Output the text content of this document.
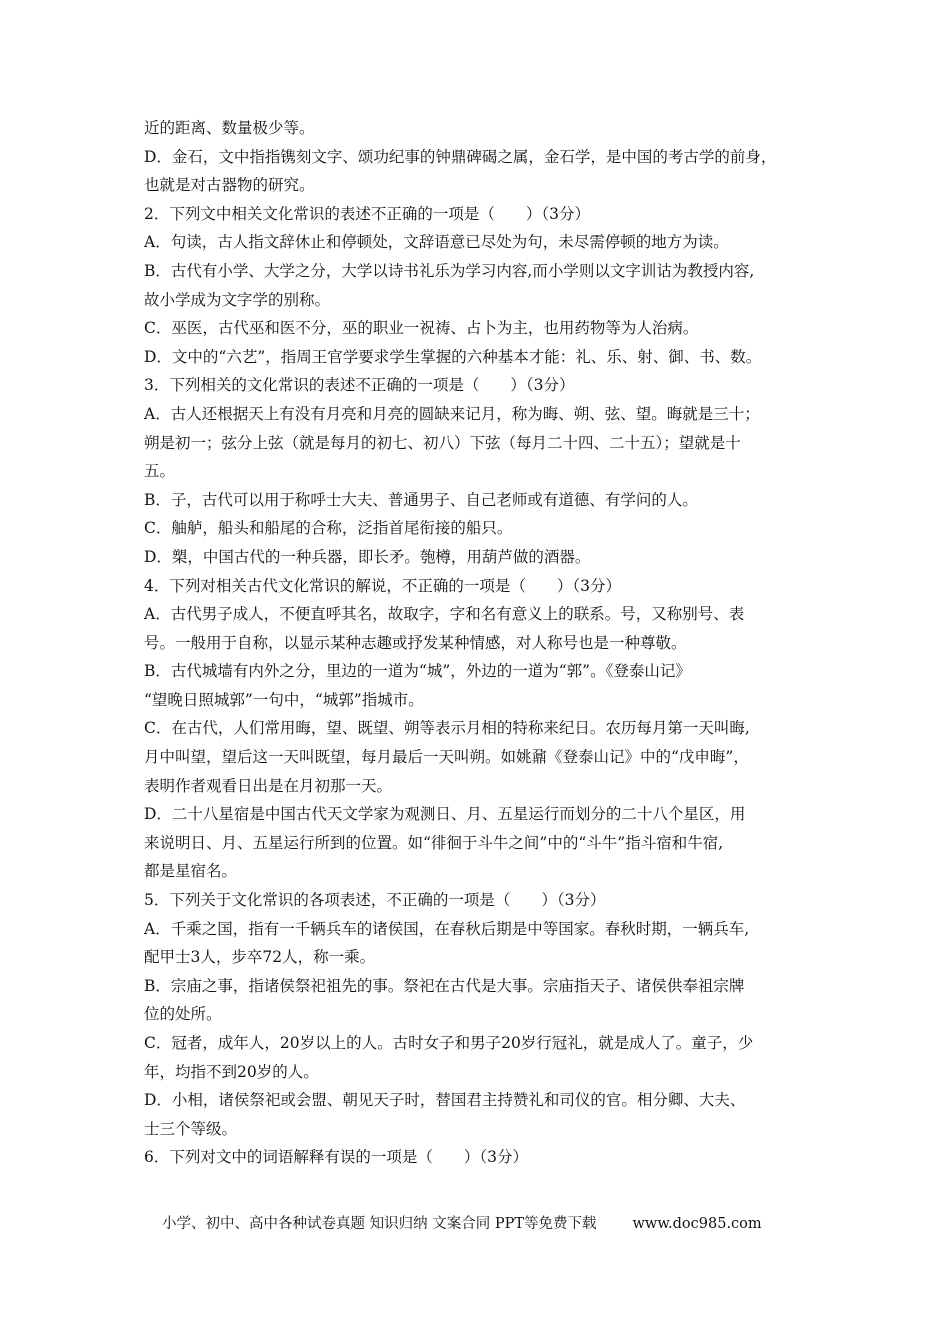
近的距离、数量极少等。
D．金石，文中指指镌刻文字、颂功纪事的钟鼎碑碣之属，金石学，是中国的考古学的前身，
也就是对古器物的研究。
2．下列文中相关文化常识的表述不正确的一项是（　　）（3分）
A．句读，古人指文辞休止和停顿处，文辞语意已尽处为句，未尽需停顿的地方为读。
B．古代有小学、大学之分，大学以诗书礼乐为学习内容,而小学则以文字训诂为教授内容,
故小学成为文字学的别称。
C．巫医，古代巫和医不分，巫的职业一祝祷、占卜为主，也用药物等为人治病。
D．文中的“六艺”，指周王官学要求学生掌握的六种基本才能：礼、乐、射、御、书、数。
3．下列相关的文化常识的表述不正确的一项是（　　）（3分）
A．古人还根据天上有没有月亮和月亮的圆缺来记月，称为晦、朔、弦、望。晦就是三十；
朔是初一；弦分上弦（就是每月的初七、初八）下弦（每月二十四、二十五）；望就是十
五。
B．子，古代可以用于称呼士大夫、普通男子、自己老师或有道德、有学问的人。
C．舳舻，船头和船尾的合称，泛指首尾衔接的船只。
D．槊，中国古代的一种兵器，即长矛。匏樽，用葫芦做的酒器。
4．下列对相关古代文化常识的解说，不正确的一项是（　　）（3分）
A．古代男子成人，不便直呼其名，故取字，字和名有意义上的联系。号，又称别号、表
号。一般用于自称，以显示某种志趣或抒发某种情感，对人称号也是一种尊敬。
B．古代城墙有内外之分，里边的一道为“城”，外边的一道为“郭”。《登泰山记》
“望晚日照城郭”一句中，“城郭”指城市。
C．在古代，人们常用晦，望、既望、朔等表示月相的特称来纪日。农历每月第一天叫晦,
月中叫望，望后这一天叫既望，每月最后一天叫朔。如姚鼐《登泰山记》中的“戊申晦”，
表明作者观看日出是在月初那一天。
D．二十八星宿是中国古代天文学家为观测日、月、五星运行而划分的二十八个星区，用
来说明日、月、五星运行所到的位置。如“徘徊于斗牛之间”中的“斗牛”指斗宿和牛宿,
都是星宿名。
5．下列关于文化常识的各项表述，不正确的一项是（　　）（3分）
A．千乘之国，指有一千辆兵车的诸侯国，在春秋后期是中等国家。春秋时期，一辆兵车,
配甲士3人，步卒72人，称一乘。
B．宗庙之事，指诸侯祭祀祖先的事。祭祀在古代是大事。宗庙指天子、诸侯供奉祖宗牌
位的处所。
C．冠者，成年人，20岁以上的人。古时女子和男子20岁行冠礼，就是成人了。童子，少
年，均指不到20岁的人。
D．小相，诸侯祭祀或会盟、朝见天子时，替国君主持赞礼和司仪的官。相分卿、大夫、
士三个等级。
6．下列对文中的词语解释有误的一项是（　　）（3分）
小学、初中、高中各种试卷真题 知识归纳 文案合同 PPT等免费下载 www.doc985.com
